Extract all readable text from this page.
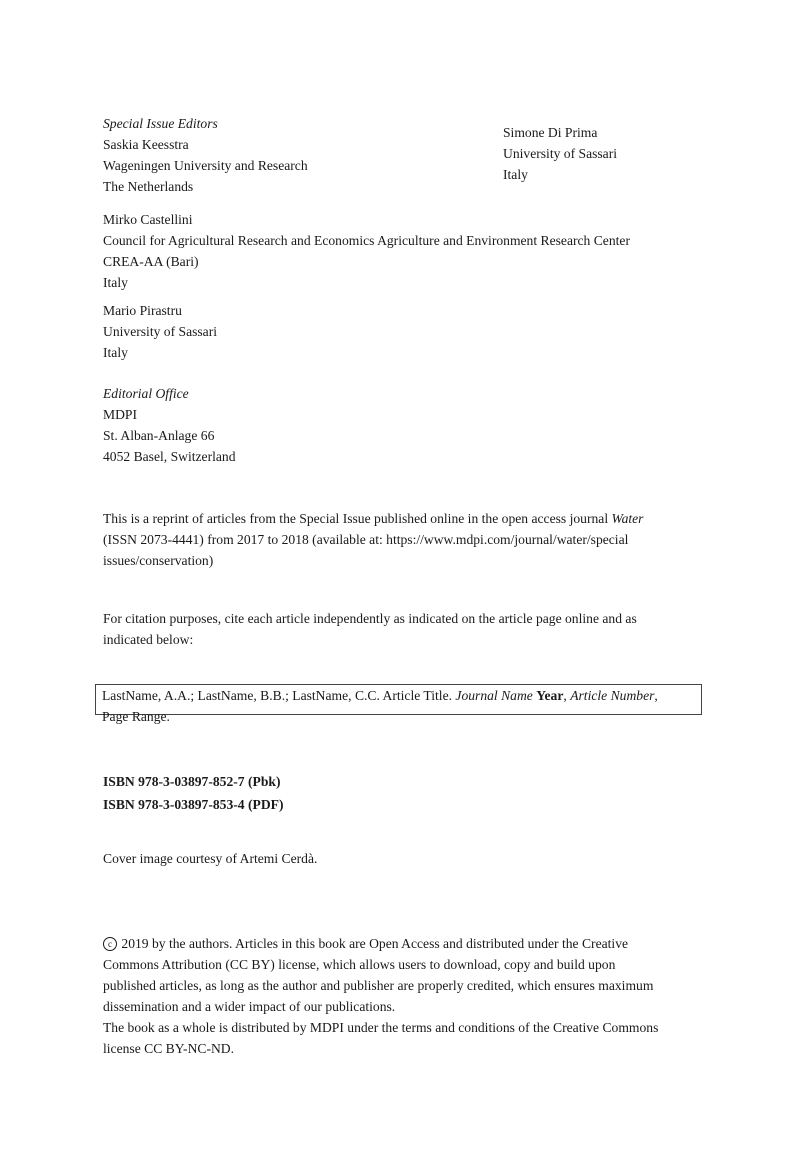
Special Issue Editors
Saskia Keesstra
Wageningen University and Research
The Netherlands
Simone Di Prima
University of Sassari
Italy
Mirko Castellini
Council for Agricultural Research and Economics Agriculture and Environment Research Center
CREA-AA (Bari)
Italy
Mario Pirastru
University of Sassari
Italy
Editorial Office
MDPI
St. Alban-Anlage 66
4052 Basel, Switzerland
This is a reprint of articles from the Special Issue published online in the open access journal Water
(ISSN 2073-4441) from 2017 to 2018 (available at: https://www.mdpi.com/journal/water/special
issues/conservation)
For citation purposes, cite each article independently as indicated on the article page online and as
indicated below:
LastName, A.A.; LastName, B.B.; LastName, C.C. Article Title. Journal Name Year, Article Number,
Page Range.
ISBN 978-3-03897-852-7 (Pbk)
ISBN 978-3-03897-853-4 (PDF)
Cover image courtesy of Artemi Cerdà.
c 2019 by the authors. Articles in this book are Open Access and distributed under the Creative
Commons Attribution (CC BY) license, which allows users to download, copy and build upon
published articles, as long as the author and publisher are properly credited, which ensures maximum
dissemination and a wider impact of our publications.
The book as a whole is distributed by MDPI under the terms and conditions of the Creative Commons
license CC BY-NC-ND.
